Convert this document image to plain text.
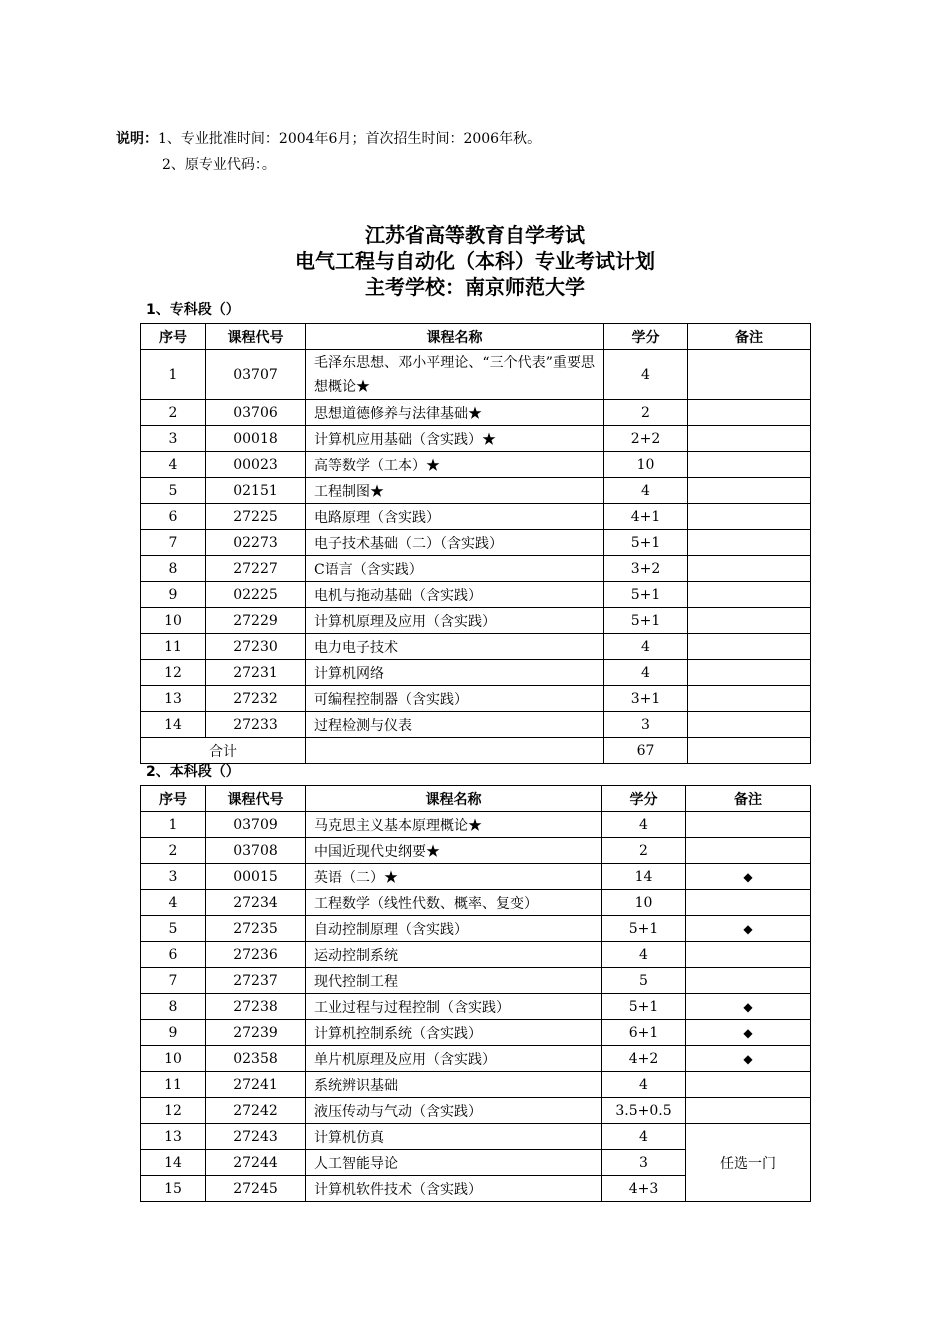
说明：1、专业批准时间：2004年6月；首次招生时间：2006年秋。
2、原专业代码：。
江苏省高等教育自学考试
电气工程与自动化（本科）专业考试计划
主考学校：南京师范大学
1、专科段（）
序号	课程代号	课程名称	学分	备注
1	03707	毛泽东思想、邓小平理论、“三个代表”重要思想概论★	4	
2	03706	思想道德修养与法律基础★	2	
3	00018	计算机应用基础（含实践）★	2+2	
4	00023	高等数学（工本）★	10	
5	02151	工程制图★	4	
6	27225	电路原理（含实践）	4+1	
7	02273	电子技术基础（二）（含实践）	5+1	
8	27227	C语言（含实践）	3+2	
9	02225	电机与拖动基础（含实践）	5+1	
10	27229	计算机原理及应用（含实践）	5+1	
11	27230	电力电子技术	4	
12	27231	计算机网络	4	
13	27232	可编程控制器（含实践）	3+1	
14	27233	过程检测与仪表	3	
合计			67	
2、本科段（）
序号	课程代号	课程名称	学分	备注
1	03709	马克思主义基本原理概论★	4	
2	03708	中国近现代史纲要★	2	
3	00015	英语（二）★	14	◆
4	27234	工程数学（线性代数、概率、复变）	10	
5	27235	自动控制原理（含实践）	5+1	◆
6	27236	运动控制系统	4	
7	27237	现代控制工程	5	
8	27238	工业过程与过程控制（含实践）	5+1	◆
9	27239	计算机控制系统（含实践）	6+1	◆
10	02358	单片机原理及应用（含实践）	4+2	◆
11	27241	系统辨识基础	4	
12	27242	液压传动与气动（含实践）	3.5+0.5	
13	27243	计算机仿真	4	任选一门
14	27244	人工智能导论	3	
15	27245	计算机软件技术（含实践）	4+3	
